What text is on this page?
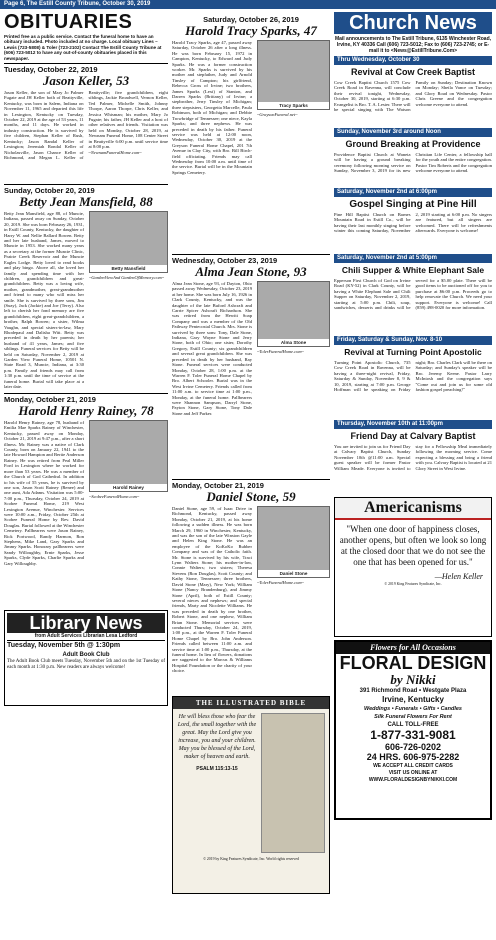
Page 6, The Estill County Tribune, October 30, 2019
OBITUARIES
Printed free as a public service. Contact the funeral home to have an obituary included. Photo included at no charge. Local obituary Lines – Lewis (723-5808) & Toler (723-2102) Contact The Estill County Tribune at (606) 723-5012 to have any out-of-county obituaries placed in this newspaper.
Tuesday, October 22, 2019
Jason Keller, 53
Jason Keller, the son of Mary Jo Palmer Fugate and JH Keller both of Beattyville, Kentucky, was born in Salem, Indiana on November 11, 1965 and departed this life in Lexington, Kentucky on Tuesday, October 22, 2019 at the age of 53 years, 11 months, and 11 days. He worked in industry construction. He is survived by five children, Stephan Keller of Rush, Kentucky; Jason Randal Keller of Lexington; Jeremiah Rondal Keller of Nicholasville, Jason Chance Keller of Richmond, and Megan L. Keller of Beattyville; five grandchildren, eight siblings, Jackie Broadwell, Vernon Keller, Ted Palmer, Michelle Smith, Johnny Thorpe, Aaron Thorpe, Chris Keller, and Jessica Whisman; his mother, Mary Jo Fugate; his father, JH Keller and a host of other relatives and friends. Visitation was held on Monday, October 28, 2019, at Newnam Funeral Home, 108 Center Street in Beattyville 6:00 p.m. until service time at 8:00 p.m.
~NewnamFuneralHome.com~
Sunday, October 20, 2019
Betty Jean Mansfield, 88
Betty Jean Mansfield, age 88, of Muncie, Indiana, passed away on Sunday, October 20, 2019. She was born February 26, 1931, in Estill County, Kentucky, the daughter of Harry W. and Nellie Ballard Bowen. Betty and her late husband, James, moved to Muncie in 1953. She worked many years as a secretary at the former Muncie Clinic, Prairie Creek Reservoir and the Muncie Eagles Lodge. Betty loved to read books and play bingo. Above all, she loved her family and spending time with her children, grandchildren and great-grandchildren. Betty was a loving wife, mother, grandmother, great-grandmother and friend to many who will miss her smile. She is survived by three sons, Jim (Suzy), Jack (Jackie) and Joe (Terry). Also left to cherish her fond memory are five grandchildren, eight great-grandchildren, a brother, Ralph Bowen; a sister, Wilma Vaughn, and special sisters-in-law, Mary Rhodepaul and Dalisha Witt. Betty was preceded in death by her parents; her husband of 41 years, James; and five siblings. Funeral services for Betty will be held on Saturday, November 2, 2019 at Garden View Funeral Home, 10501 N. State Road 3, Muncie, Indiana, at 3:30 p.m. Family and friends may call from 1:30 p.m. until the time of service at the funeral home. Burial will take place at a later date.
Betty Mansfield
~GardenViewAnd GardenOfMemory.com~
Monday, October 21, 2019
Harold Henry Rainey, 78
Harold Henry Rainey, age 78, husband of Emilia Mae Sparks Rainey of Winchester, Kentucky, passed away on Monday, October 21, 2019 at 9:47 p.m., after a short illness. Mr. Rainey was a native of Clark County, born on January 22, 1941 to the late Howard Hampton and Bertie Anderson Rainey. He was retired from Peal Miller Ford in Lexington where he worked for more than 53 years. He was a member of the Church of God Cathedral. In addition to his wife of 55 years, he is survived by one son, Jason Scott Rainey (Renee) and one aunt, Ada Adams. Visitation was 5:00-7:00 p.m., Thursday, October 24, 2019 at Scobee Funeral Home, 219 West Lexington Avenue, Winchester. Services were 10:00 a.m., Friday, October 25th at Scobee Funeral Home by Rev. David Douglas. Burial followed at the Winchester Cemetery. Pallbearers were Jason Rainey, Rick Portwood, Randy Harmon, Ron Stephens, Mike Land, Gary Sparks and Jimmy Sparks. Honorary pallbearers were Sandy Willoughby, Ernie Sparks, Jesse Sparks, Clyde Sparks, Charlie Sparks and Gary Willoughby.
Harold Rainey
~ScobeeFuneralHome.com~
Library News
from Adult Services Librarian Lesa Ledford
Tuesday, November 5th @ 1:30pm
Adult Book Club
The Adult Book Club meets Tuesday, November 5th and on the 1st Tuesday of each month at 1:30 p.m. New readers are always welcome!
Saturday, October 26, 2019
Harold Tracy Sparks, 47
Harold Tracy Sparks, age 47, passed away Saturday, October 26 after a long illness. He was born February 15, 1972 in Campton, Kentucky, to Edward and Judy Sparks. He was a former construction worker. Mr. Sparks is survived by his mother and stepfather, Judy and Arnold Tinsley of Campton; his girlfriend, Rebecca Gross of Irvine; two brothers, James Sparks (Lexi) of Stanton, and Darren Sparks (Brittany) of Irvine; a stepbrother, Jerry Tinsley of Michigan; three stepsisters, Georgetta Marcelle, Paula Robinson, both of Michigan; and Debbie Trowbridge of Tennessee; one niece, Kayla Sparks; and three nephews. He was preceded in death by his father. Funeral service was held at 12:00 noon, Wednesday, October 30, 2019 at the Greyson Funeral Home Chapel, 201 7th Avenue in Clay City, with Bro. Bill Birch-field officiating. Friends may call Wednesday from 10:00 a.m. until time of the service. Burial will be in the Mountain Springs Cemetery.
Tracy Sparks
~GraysonFuneral.net~
Wednesday, October 23, 2019
Alma Jean Stone, 93
Alma Jean Stone, age 93, of Dayton, Ohio passed away Wednesday, October 23, 2019 at her home. She was born July 16, 1926 in Clark County, Kentucky, and was the daughter of the late Buford Ashcraft and Carrie Spicer Ashcraft Richardson. She was retired from the Hewitt Soap Company and was a member of the Old Pathway Pentecostal Church. Mrs. Stone is survived by three sons: Tony, Dale Stone, Indiana, Gary Wayne Stone and Jerry Stone, both of Ohio; one sister, Dorothy Gregory, Estill County; six grandchildren and several great grandchildren. She was preceded in death by her husband, Ray Stone. Funeral services were conducted Monday, October 28, 1:00 p.m. at the Warren F. Toler Funeral Home Chapel by Bro. Albert Schooler. Burial was in the West Irvine Cemetery. Friends called from 11:00 a.m. to service time at 1:00 p.m., Monday, at the funeral home. Pallbearers were Shannon Sampson, Darryl Stone, Payton Stone, Gary Stone, Tony Dale Stone and Jeff Parker.
Alma Stone
~TolerFuneralHome.com~
Monday, October 21, 2019
Daniel Stone, 59
Daniel Stone, age 59, of Isaac Drive in Richmond, Kentucky, passed away Monday, October 21, 2019, at his home following a sudden illness. He was born March 29, 1960 in Winchester, Kentucky, and was the son of the late Winston Gayle and Helen King Stone. He was an employee of the KoKoKo Rubber Company and was of the Catholic faith. Mr. Stone is survived by his wife, Traci Lynn Walters Stone; his mother-in-law, Connie Walters; two sisters; Theresa Stevens (Ron Douglas), Scott County; and Kathy Stone, Tennessee; three brothers, David Stone (Mary), New York; William Stone (Nancy Brandenburg), and Jimmy Stone (April), both of Estill County; several nieces and nephews; and special friends, Marty and Nicolette Williams. He was preceded in death by one brother, Robert Stone, and one nephew, William Brian Stone. Memorial services were conducted Thursday, October 24, 2019, 1:00 p.m., at the Warren F. Toler Funeral Home Chapel by Bro. John Anderson. Friends called between 11:00 a.m. and service time at 1:00 p.m., Thursday, at the funeral home. In lieu of flowers, donations are suggested to the Marcus & Williams Hospital Foundation or the charity of your choice.
Daniel Stone
~TolerFuneralHome.com~
THE ILLUSTRATED BIBLE
He will bless those who fear the Lord, the small together with the great. May the Lord give you increase, you and your children. May you be blessed of the Lord, maker of heaven and earth.
PSALM 115:13-15
© 2019 by King Features Syndicate, Inc. World rights reserved
Church News
Mail announcements to The Estill Tribune, 6135 Winchester Road, Irvine, KY 40336 Call (606) 723-5012; Fax to (606) 723-2745; or E-mail it to <News@EstillTribune.Com>
Thru Wednesday, October 30
Revival at Cow Creek Baptist
Cow Creek Baptist Church 1575 Cow Creek Road in Ravenna, will conclude their revival tonight, Wednesday, October 30, 2019, starting at 6:30 p.m. Evangelist is Bro. T. A. Lester. There will be special singing with The Watson Family on Sunday; Destination Known on Monday; Sheila Vance on Tuesday; and Glory Road on Wednesday. Pastor Chris Greene and the congregation welcome everyone to attend.
Sunday, November 3rd around Noon
Ground Breaking at Providence
Providence Baptist Church at Waneta will be having a ground breaking ceremony following morning service on Sunday, November 3, 2019 for its new Christian Life Center, a fellowship hall for the youth and the entire congregation. Pastor Tim Roberts and the congregation welcome everyone to attend.
Saturday, November 2nd at 6:00pm
Gospel Singing at Pine Hill
Pine Hill Baptist Church on Barnes Mountain Road in Estill Co., will be having their last monthly singing before winter this coming Saturday, November 2, 2019 starting at 6:00 p.m. No singers are featured, but all singers are welcomed. There will be refreshments afterwards. Everyone is welcome!
Saturday, November 2nd at 5:00pm
Chili Supper & White Elephant Sale
Epperson First Church of God on Irvine Road (KY-52) in Clark County, will be having a White Elephant Sale and Chili Supper on Saturday, November 2, 2019, starting at 5:00 p.m. Chili, soup, sandwiches, desserts and drinks will be served for a $5.00 plate. There will be good items to be auctioned off for you to purchase at $6:00 p.m. Proceeds go to help renovate the Church. We need your support. Everyone is welcome! Call (859) 498-0020 for more information.
Friday, Saturday & Sunday, Nov. 8-10
Revival at Turning Point Apostolic
Turning Point Apostolic Church, 735 Cow Creek Road in Ravenna, will be having a three-night revival, Friday, Saturday & Sunday, November 8, 9 & 10, 2019, starting at 7:00 p.m. George Hoffman will be speaking on Friday night; Bro. Charles Clark will be there on Saturday; and Sunday's speaker will be Bro. Jeremy Keene. Pastor Larry McIntosh and the congregation says "Come out and join us for some old fashion gospel preaching!"
Thursday, November 10th at 11:00pm
Friend Day at Calvary Baptist
You are invited to join us for Friend Day at Calvary Baptist Church, Sunday November 10th @11:00 a.m. Special guest speaker will be former Pastor William Meade. Everyone is invited to stay for a Fellowship Meal immediately following the morning service. Come expecting a blessing and bring a friend with you. Calvary Baptist is located at 21 Glory Street in West Irvine.
Americanisms
"When one door of happiness closes, another opens, but often we look so long at the closed door that we do not see the one that has been opened for us."
—Helen Keller
© 2019 King Features Syndicate, Inc.
Flowers for All Occasions
FLORAL DESIGN
by Nikki
391 Richmond Road • Westgate Plaza
Irvine, Kentucky
Weddings • Funerals • Gifts • Candles
Silk Funeral Flowers For Rent
CALL TOLL-FREE
1-877-331-9081
606-726-0202
24 HRS. 606-975-2282
WE ACCEPT ALL CREDIT CARDS
VISIT US ONLINE AT
WWW.FLORALDESIGNBYNIKKI.COM
